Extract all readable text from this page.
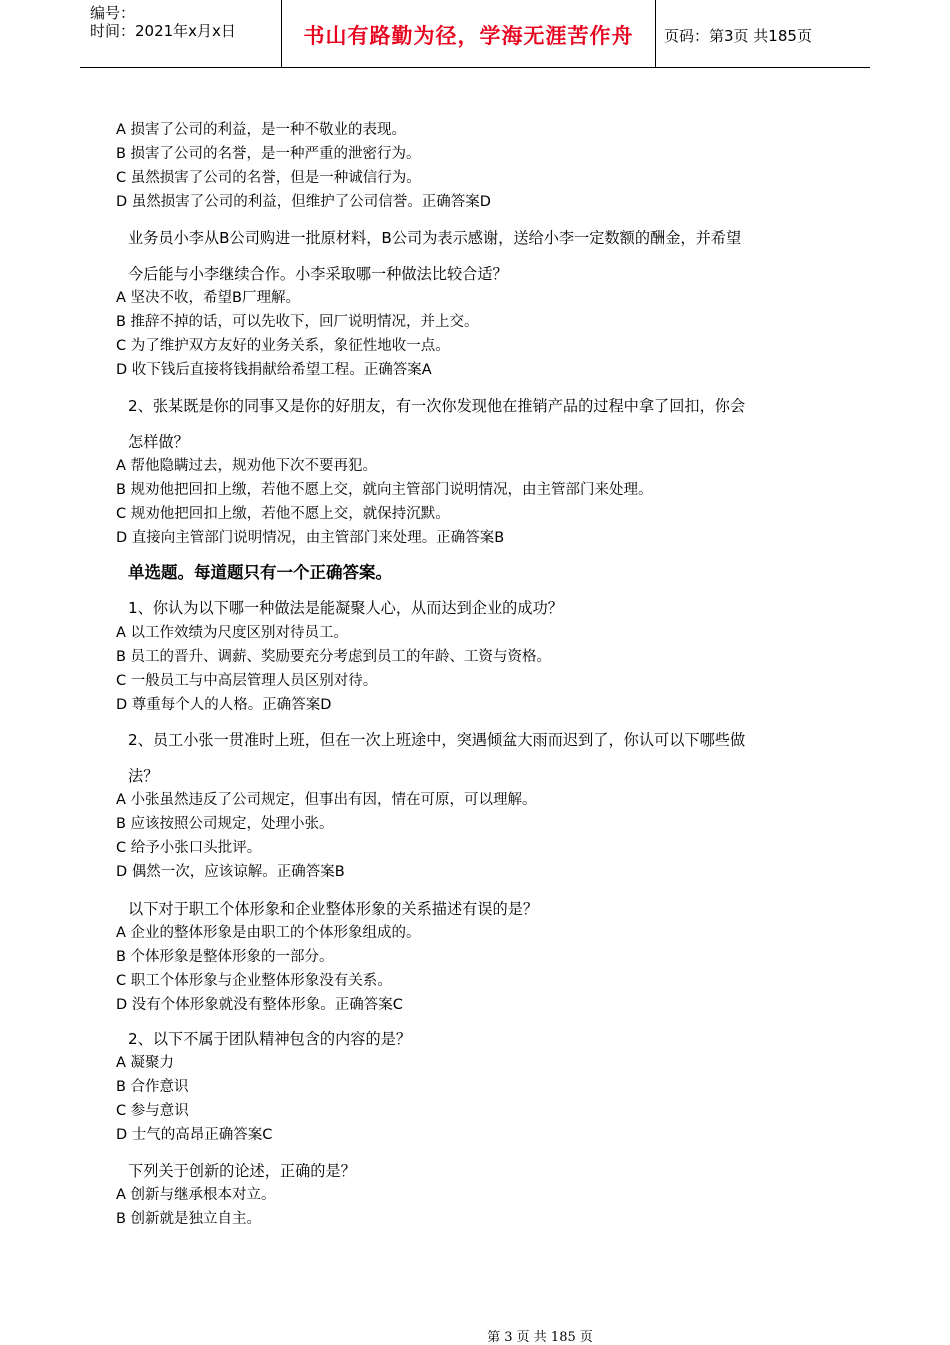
编号：
时间：2021年x月x日	书山有路勤为径，学海无涯苦作舟	页码：第3页 共185页
A 损害了公司的利益，是一种不敬业的表现。
B 损害了公司的名誉，是一种严重的泄密行为。
C 虽然损害了公司的名誉，但是一种诚信行为。
D 虽然损害了公司的利益，但维护了公司信誉。正确答案D
业务员小李从B公司购进一批原材料，B公司为表示感谢，送给小李一定数额的酬金，并希望
今后能与小李继续合作。小李采取哪一种做法比较合适？
A 坚决不收，希望B厂理解。
B 推辞不掉的话，可以先收下，回厂说明情况，并上交。
C 为了维护双方友好的业务关系，象征性地收一点。
D 收下钱后直接将钱捐献给希望工程。正确答案A
2、张某既是你的同事又是你的好朋友，有一次你发现他在推销产品的过程中拿了回扣，你会
怎样做？
A 帮他隐瞒过去，规劝他下次不要再犯。
B 规劝他把回扣上缴，若他不愿上交，就向主管部门说明情况，由主管部门来处理。
C 规劝他把回扣上缴，若他不愿上交，就保持沉默。
D 直接向主管部门说明情况，由主管部门来处理。正确答案B
单选题。每道题只有一个正确答案。
1、你认为以下哪一种做法是能凝聚人心，从而达到企业的成功？
A 以工作效绩为尺度区别对待员工。
B 员工的晋升、调薪、奖励要充分考虑到员工的年龄、工资与资格。
C 一般员工与中高层管理人员区别对待。
D 尊重每个人的人格。正确答案D
2、员工小张一贯准时上班，但在一次上班途中，突遇倾盆大雨而迟到了，你认可以下哪些做
法？
A 小张虽然违反了公司规定，但事出有因，情在可原，可以理解。
B 应该按照公司规定，处理小张。
C 给予小张口头批评。
D 偶然一次，应该谅解。正确答案B
以下对于职工个体形象和企业整体形象的关系描述有误的是？
A 企业的整体形象是由职工的个体形象组成的。
B 个体形象是整体形象的一部分。
C 职工个体形象与企业整体形象没有关系。
D 没有个体形象就没有整体形象。正确答案C
2、以下不属于团队精神包含的内容的是？
A 凝聚力
B 合作意识
C 参与意识
D 士气的高昂正确答案C
下列关于创新的论述，正确的是？
A 创新与继承根本对立。
B 创新就是独立自主。
第 3 页 共 185 页
